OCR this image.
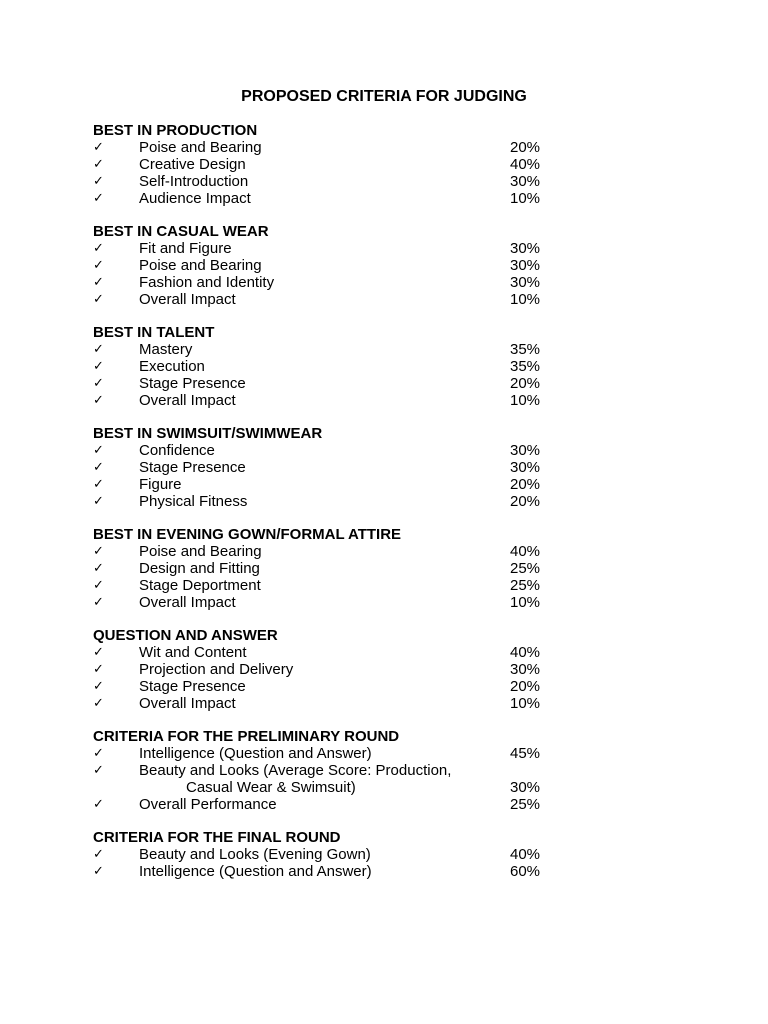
PROPOSED CRITERIA FOR JUDGING
BEST IN PRODUCTION
✓ Poise and Bearing	20%
✓ Creative Design	40%
✓ Self-Introduction	30%
✓ Audience Impact	10%
BEST IN CASUAL WEAR
✓ Fit and Figure	30%
✓ Poise and Bearing	30%
✓ Fashion and Identity	30%
✓ Overall Impact	10%
BEST IN TALENT
✓ Mastery	35%
✓ Execution	35%
✓ Stage Presence	20%
✓ Overall Impact	10%
BEST IN SWIMSUIT/SWIMWEAR
✓ Confidence	30%
✓ Stage Presence	30%
✓ Figure	20%
✓ Physical Fitness	20%
BEST IN EVENING GOWN/FORMAL ATTIRE
✓ Poise and Bearing	40%
✓ Design and Fitting	25%
✓ Stage Deportment	25%
✓ Overall Impact	10%
QUESTION AND ANSWER
✓ Wit and Content	40%
✓ Projection and Delivery	30%
✓ Stage Presence	20%
✓ Overall Impact	10%
CRITERIA FOR THE PRELIMINARY ROUND
✓ Intelligence (Question and Answer)	45%
✓ Beauty and Looks (Average Score: Production,
Casual Wear & Swimsuit)	30%
✓ Overall Performance	25%
CRITERIA FOR THE FINAL ROUND
✓ Beauty and Looks (Evening Gown)	40%
✓ Intelligence (Question and Answer)	60%
